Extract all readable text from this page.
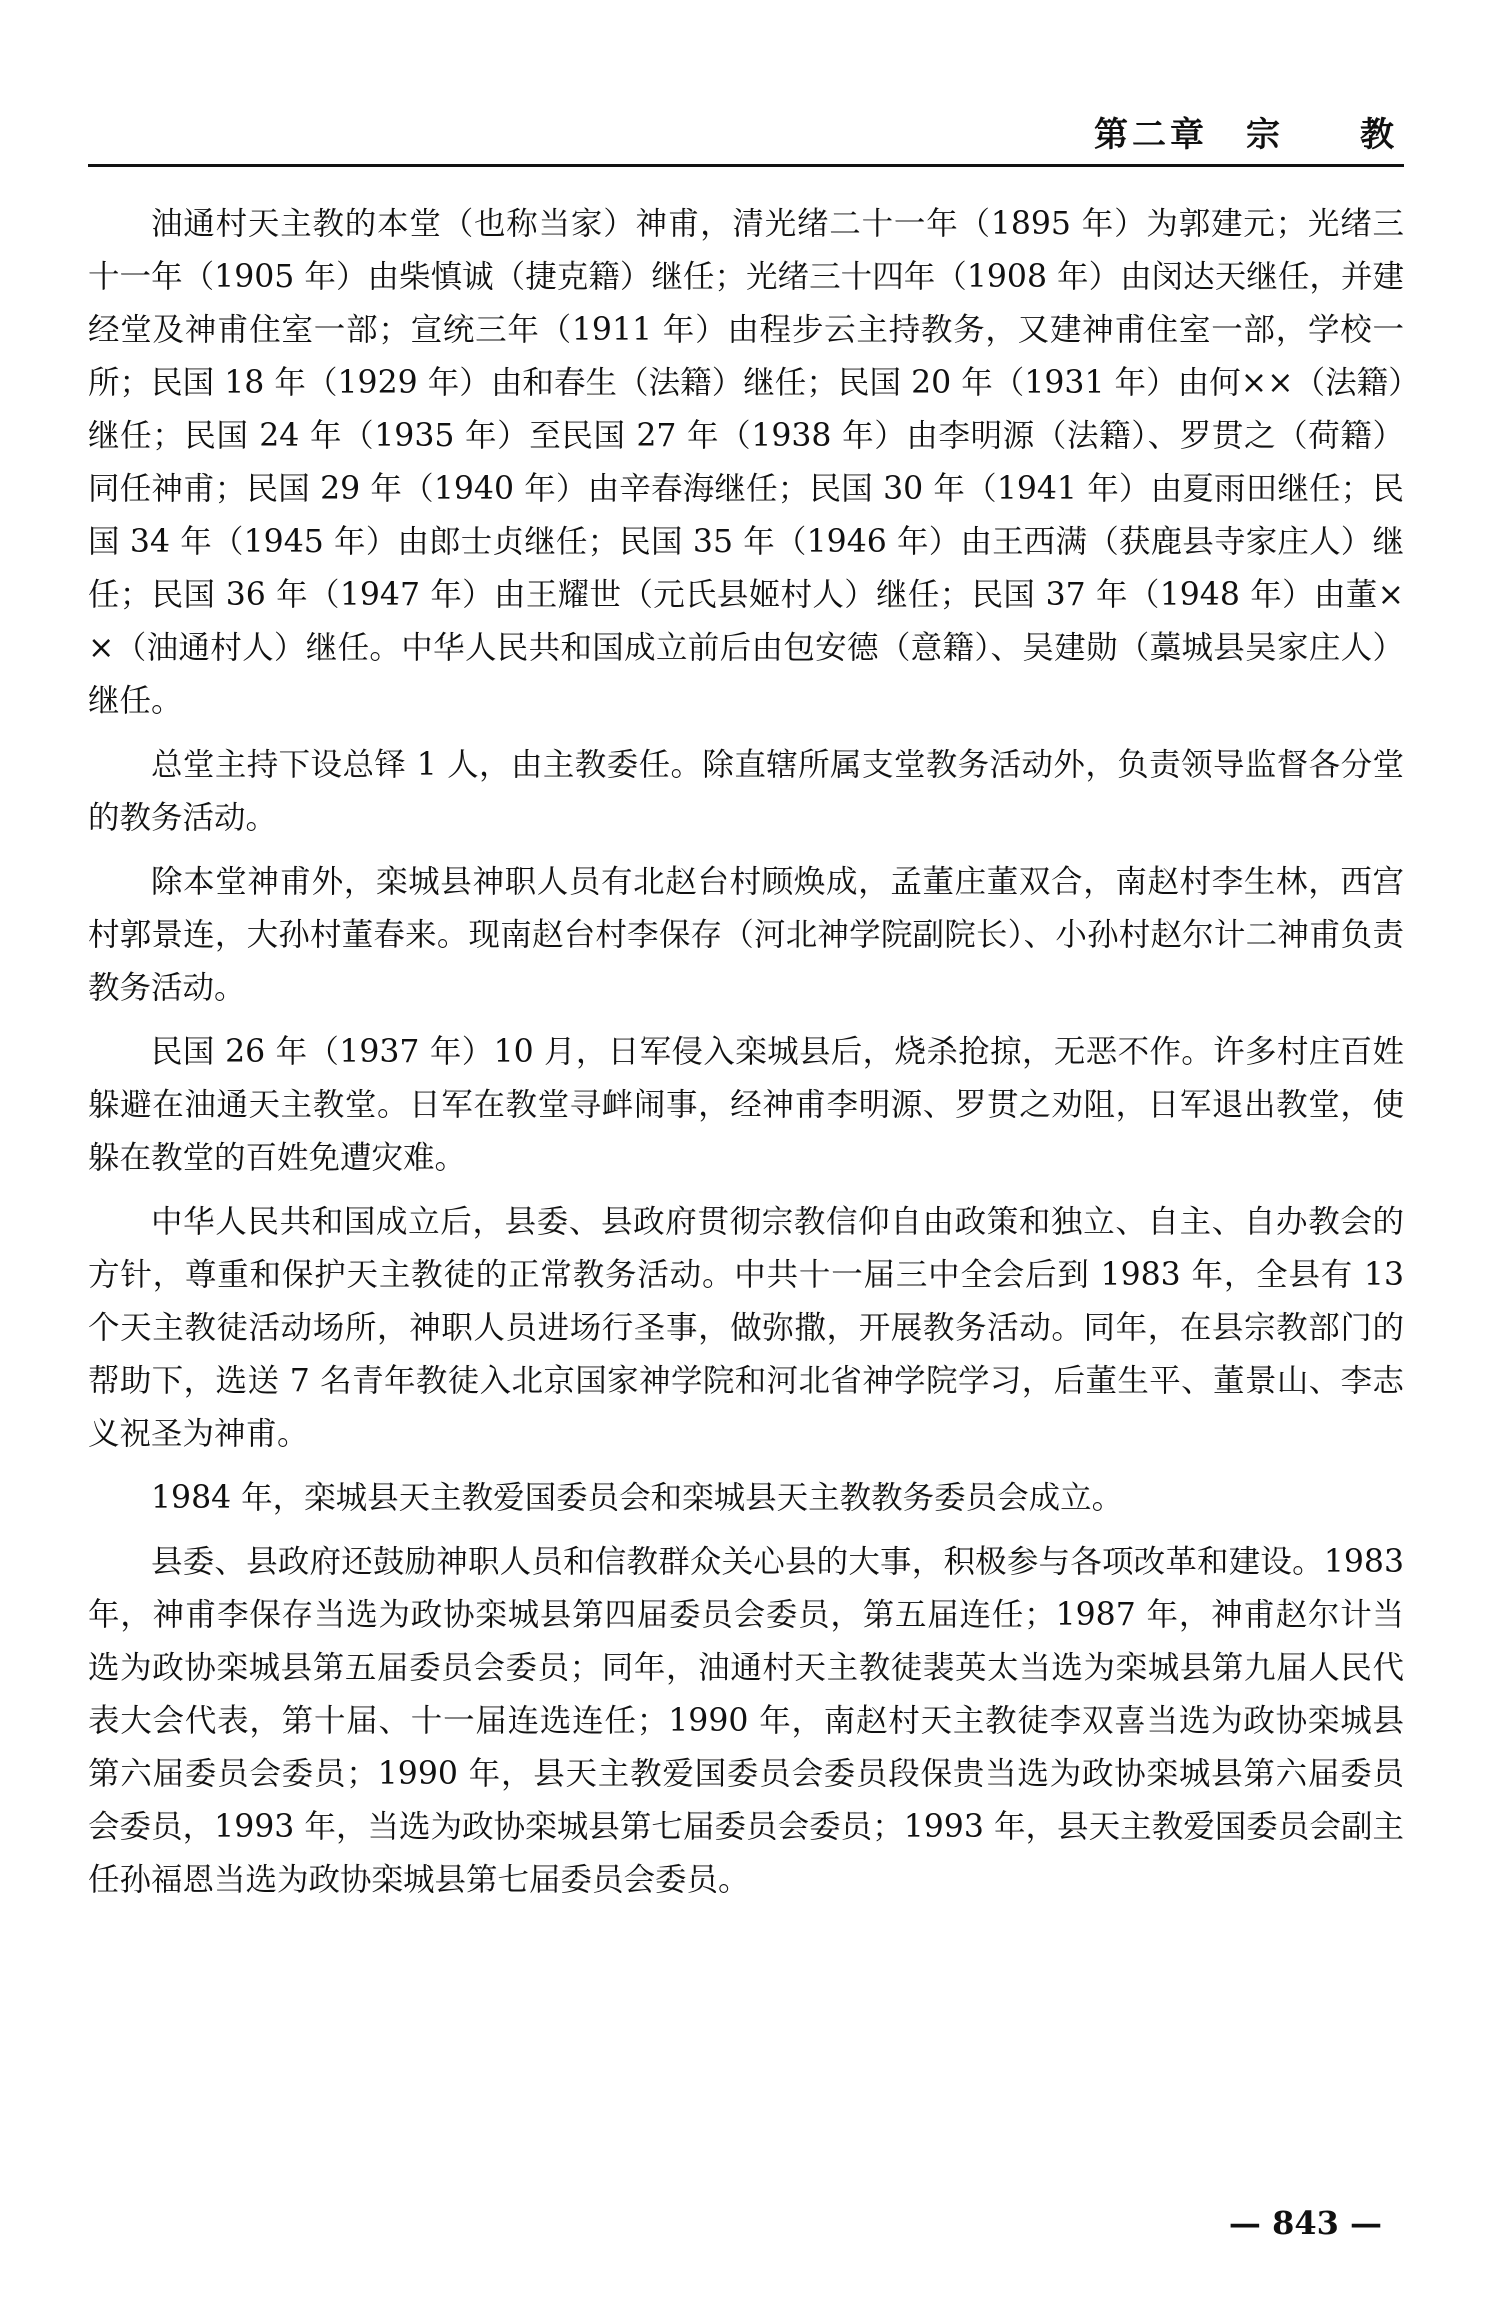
第二章　宗　　教

油通村天主教的本堂（也称当家）神甫，清光绪二十一年（1895 年）为郭建元；光绪三十一年（1905 年）由柴慎诚（捷克籍）继任；光绪三十四年（1908 年）由闵达天继任，并建经堂及神甫住室一部；宣统三年（1911 年）由程步云主持教务，又建神甫住室一部，学校一所；民国 18 年（1929 年）由和春生（法籍）继任；民国 20 年（1931 年）由何××（法籍）继任；民国 24 年（1935 年）至民国 27 年（1938 年）由李明源（法籍）、罗贯之（荷籍）同任神甫；民国 29 年（1940 年）由辛春海继任；民国 30 年（1941 年）由夏雨田继任；民国 34 年（1945 年）由郎士贞继任；民国 35 年（1946 年）由王西满（获鹿县寺家庄人）继任；民国 36 年（1947 年）由王耀世（元氏县姬村人）继任；民国 37 年（1948 年）由董××（油通村人）继任。中华人民共和国成立前后由包安德（意籍）、吴建勋（藁城县吴家庄人）继任。

总堂主持下设总铎 1 人，由主教委任。除直辖所属支堂教务活动外，负责领导监督各分堂的教务活动。

除本堂神甫外，栾城县神职人员有北赵台村顾焕成，孟董庄董双合，南赵村李生林，西宫村郭景连，大孙村董春来。现南赵台村李保存（河北神学院副院长）、小孙村赵尔计二神甫负责教务活动。

民国 26 年（1937 年）10 月，日军侵入栾城县后，烧杀抢掠，无恶不作。许多村庄百姓躲避在油通天主教堂。日军在教堂寻衅闹事，经神甫李明源、罗贯之劝阻，日军退出教堂，使躲在教堂的百姓免遭灾难。

中华人民共和国成立后，县委、县政府贯彻宗教信仰自由政策和独立、自主、自办教会的方针，尊重和保护天主教徒的正常教务活动。中共十一届三中全会后到 1983 年，全县有 13 个天主教徒活动场所，神职人员进场行圣事，做弥撒，开展教务活动。同年，在县宗教部门的帮助下，选送 7 名青年教徒入北京国家神学院和河北省神学院学习，后董生平、董景山、李志义祝圣为神甫。

1984 年，栾城县天主教爱国委员会和栾城县天主教教务委员会成立。

县委、县政府还鼓励神职人员和信教群众关心县的大事，积极参与各项改革和建设。1983 年，神甫李保存当选为政协栾城县第四届委员会委员，第五届连任；1987 年，神甫赵尔计当选为政协栾城县第五届委员会委员；同年，油通村天主教徒裴英太当选为栾城县第九届人民代表大会代表，第十届、十一届连选连任；1990 年，南赵村天主教徒李双喜当选为政协栾城县第六届委员会委员；1990 年，县天主教爱国委员会委员段保贵当选为政协栾城县第六届委员会委员，1993 年，当选为政协栾城县第七届委员会委员；1993 年，县天主教爱国委员会副主任孙福恩当选为政协栾城县第七届委员会委员。

— 843 —
